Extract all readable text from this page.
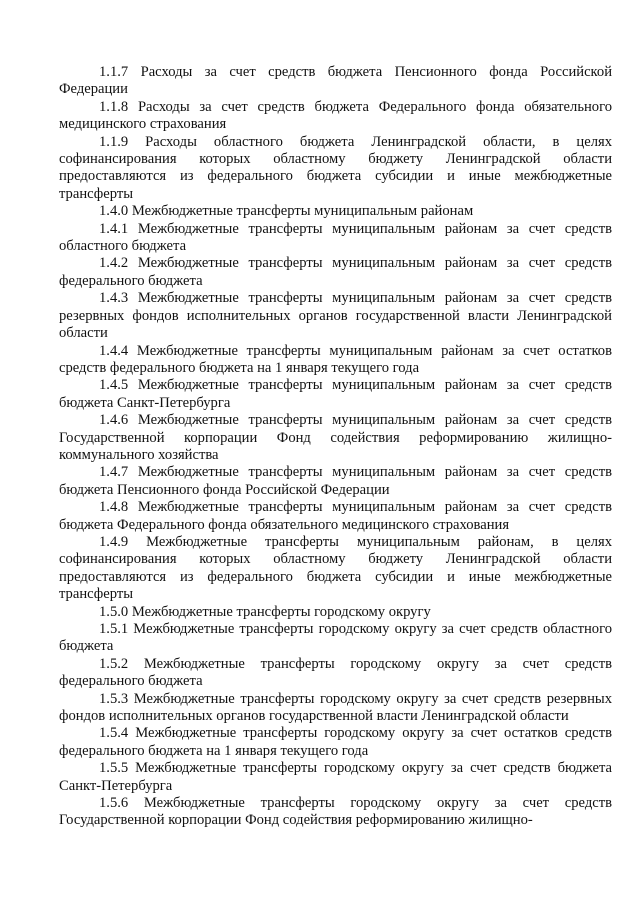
1.1.7 Расходы за счет средств бюджета Пенсионного фонда Российской Федерации

1.1.8 Расходы за счет средств бюджета Федерального фонда обязательного медицинского страхования

1.1.9 Расходы областного бюджета Ленинградской области, в целях софинансирования которых областному бюджету Ленинградской области предоставляются из федерального бюджета субсидии и иные межбюджетные трансферты

1.4.0 Межбюджетные трансферты муниципальным районам

1.4.1 Межбюджетные трансферты муниципальным районам за счет средств областного бюджета

1.4.2 Межбюджетные трансферты муниципальным районам за счет средств федерального бюджета

1.4.3 Межбюджетные трансферты муниципальным районам за счет средств резервных фондов исполнительных органов государственной власти Ленинградской области

1.4.4 Межбюджетные трансферты муниципальным районам за счет остатков средств федерального бюджета на 1 января текущего года

1.4.5 Межбюджетные трансферты муниципальным районам за счет средств бюджета Санкт-Петербурга

1.4.6 Межбюджетные трансферты муниципальным районам за счет средств Государственной корпорации Фонд содействия реформированию жилищно-коммунального хозяйства

1.4.7 Межбюджетные трансферты муниципальным районам за счет средств бюджета Пенсионного фонда Российской Федерации

1.4.8 Межбюджетные трансферты муниципальным районам за счет средств бюджета Федерального фонда обязательного медицинского страхования

1.4.9 Межбюджетные трансферты муниципальным районам, в целях софинансирования которых областному бюджету Ленинградской области предоставляются из федерального бюджета субсидии и иные межбюджетные трансферты

1.5.0 Межбюджетные трансферты городскому округу

1.5.1 Межбюджетные трансферты городскому округу за счет средств областного бюджета

1.5.2 Межбюджетные трансферты городскому округу за счет средств федерального бюджета

1.5.3 Межбюджетные трансферты городскому округу за счет средств резервных фондов исполнительных органов государственной власти Ленинградской области

1.5.4 Межбюджетные трансферты городскому округу за счет остатков средств федерального бюджета на 1 января текущего года

1.5.5 Межбюджетные трансферты городскому округу за счет средств бюджета Санкт-Петербурга

1.5.6 Межбюджетные трансферты городскому округу за счет средств Государственной корпорации Фонд содействия реформированию жилищно-
